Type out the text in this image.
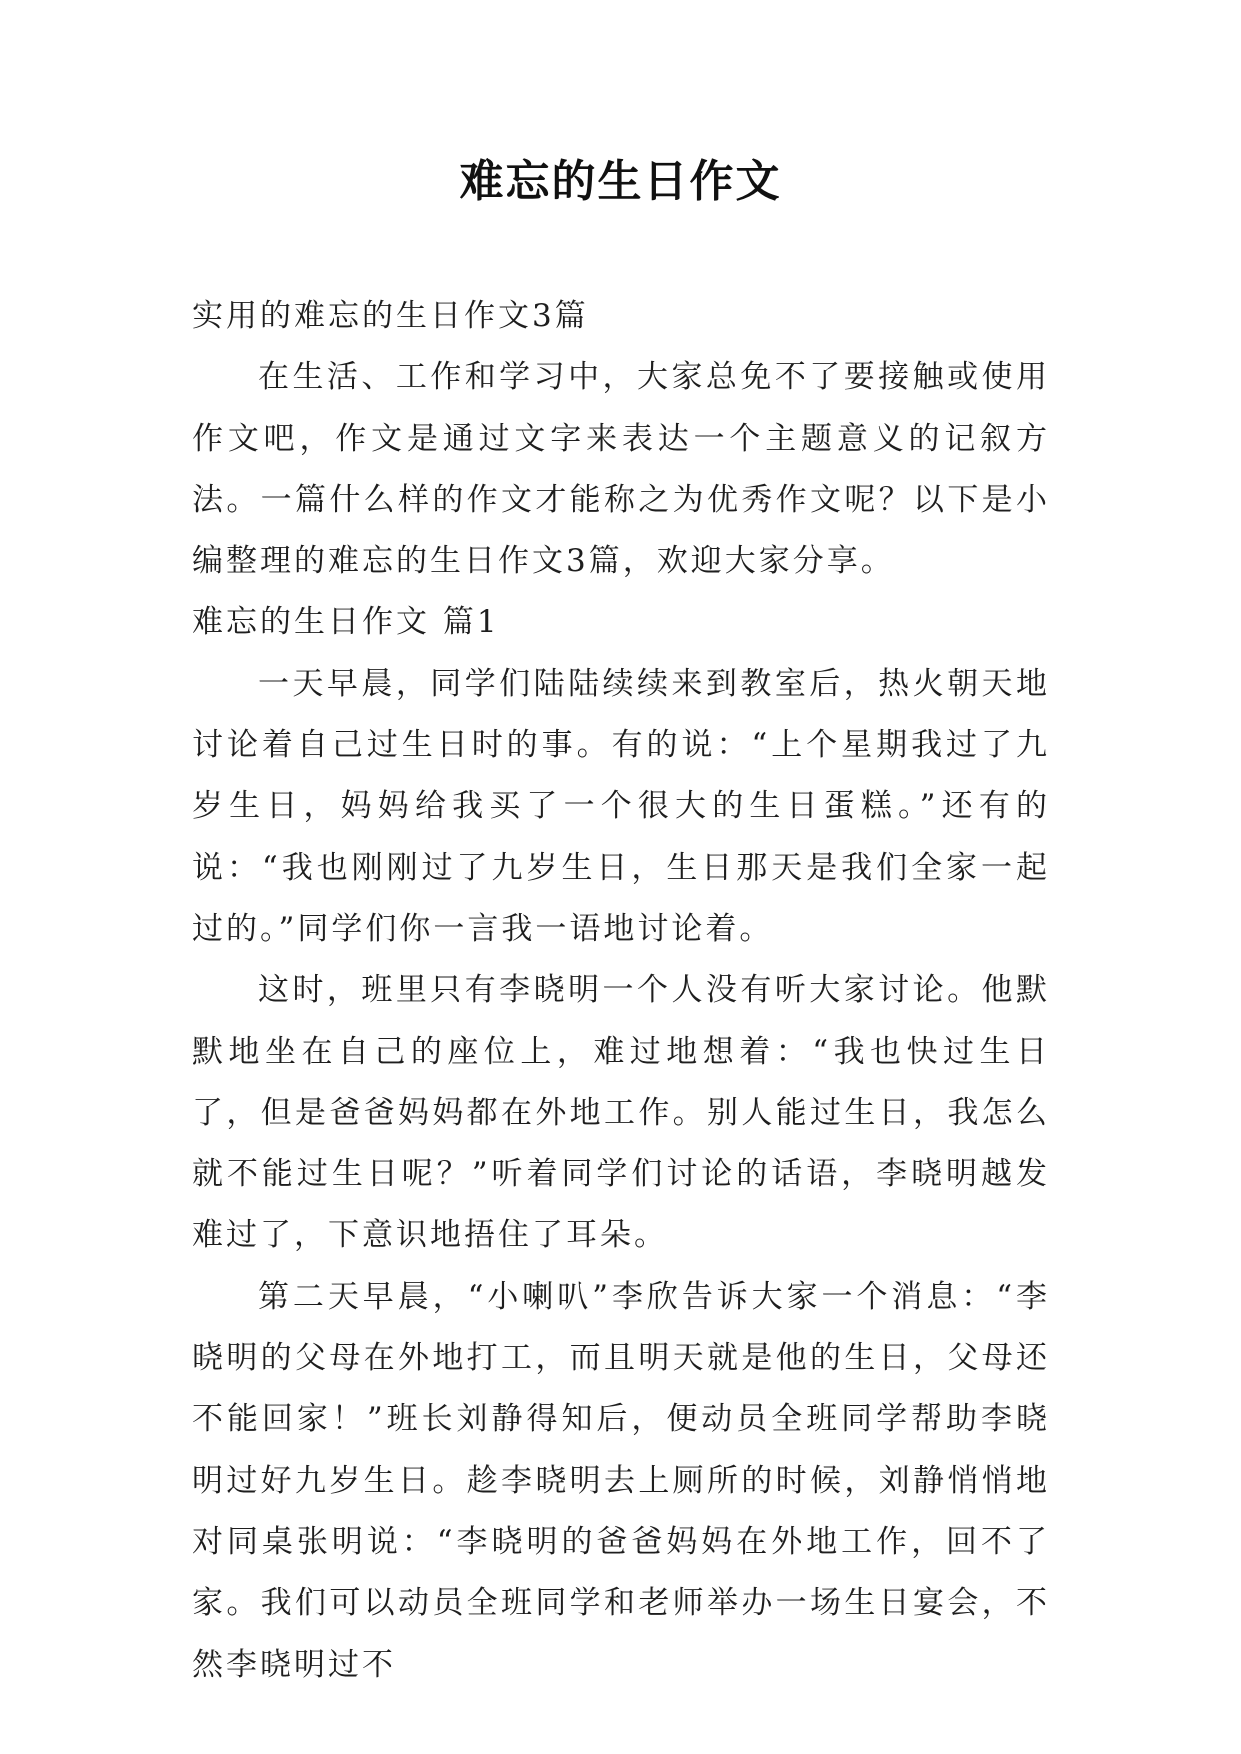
难忘的生日作文

实用的难忘的生日作文3篇

在生活、工作和学习中，大家总免不了要接触或使用作文吧，作文是通过文字来表达一个主题意义的记叙方法。一篇什么样的作文才能称之为优秀作文呢？以下是小编整理的难忘的生日作文3篇，欢迎大家分享。

难忘的生日作文 篇1

一天早晨，同学们陆陆续续来到教室后，热火朝天地讨论着自己过生日时的事。有的说：“上个星期我过了九岁生日，妈妈给我买了一个很大的生日蛋糕。”还有的说：“我也刚刚过了九岁生日，生日那天是我们全家一起过的。”同学们你一言我一语地讨论着。

这时，班里只有李晓明一个人没有听大家讨论。他默默地坐在自己的座位上，难过地想着：“我也快过生日了，但是爸爸妈妈都在外地工作。别人能过生日，我怎么就不能过生日呢？”听着同学们讨论的话语，李晓明越发难过了，下意识地捂住了耳朵。

第二天早晨，“小喇叭”李欣告诉大家一个消息：“李晓明的父母在外地打工，而且明天就是他的生日，父母还不能回家！”班长刘静得知后，便动员全班同学帮助李晓明过好九岁生日。趁李晓明去上厕所的时候，刘静悄悄地对同桌张明说：“李晓明的爸爸妈妈在外地工作，回不了家。我们可以动员全班同学和老师举办一场生日宴会，不然李晓明过不
